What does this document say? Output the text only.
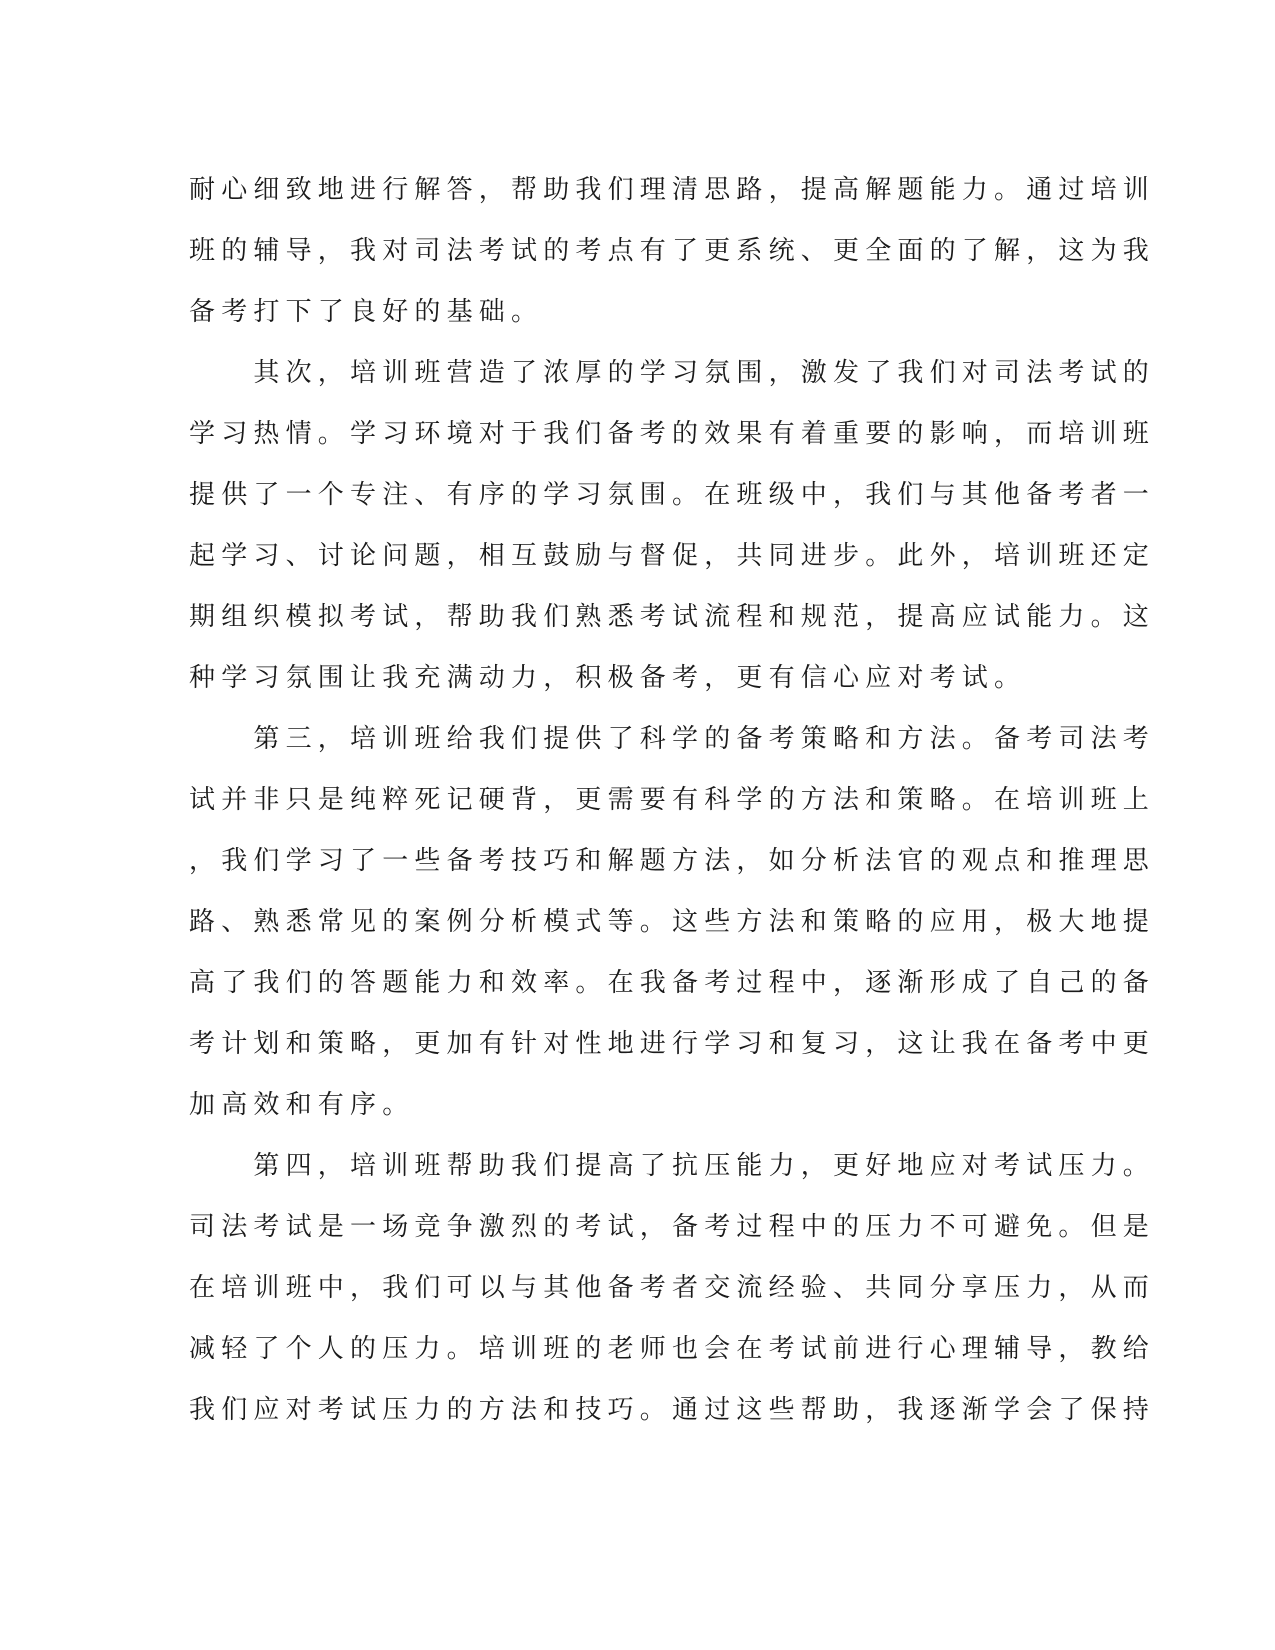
耐心细致地进行解答，帮助我们理清思路，提高解题能力。通过培训
班的辅导，我对司法考试的考点有了更系统、更全面的了解，这为我
备考打下了良好的基础。
　　其次，培训班营造了浓厚的学习氛围，激发了我们对司法考试的
学习热情。学习环境对于我们备考的效果有着重要的影响，而培训班
提供了一个专注、有序的学习氛围。在班级中，我们与其他备考者一
起学习、讨论问题，相互鼓励与督促，共同进步。此外，培训班还定
期组织模拟考试，帮助我们熟悉考试流程和规范，提高应试能力。这
种学习氛围让我充满动力，积极备考，更有信心应对考试。
　　第三，培训班给我们提供了科学的备考策略和方法。备考司法考
试并非只是纯粹死记硬背，更需要有科学的方法和策略。在培训班上
，我们学习了一些备考技巧和解题方法，如分析法官的观点和推理思
路、熟悉常见的案例分析模式等。这些方法和策略的应用，极大地提
高了我们的答题能力和效率。在我备考过程中，逐渐形成了自己的备
考计划和策略，更加有针对性地进行学习和复习，这让我在备考中更
加高效和有序。
　　第四，培训班帮助我们提高了抗压能力，更好地应对考试压力。
司法考试是一场竞争激烈的考试，备考过程中的压力不可避免。但是
在培训班中，我们可以与其他备考者交流经验、共同分享压力，从而
减轻了个人的压力。培训班的老师也会在考试前进行心理辅导，教给
我们应对考试压力的方法和技巧。通过这些帮助，我逐渐学会了保持
